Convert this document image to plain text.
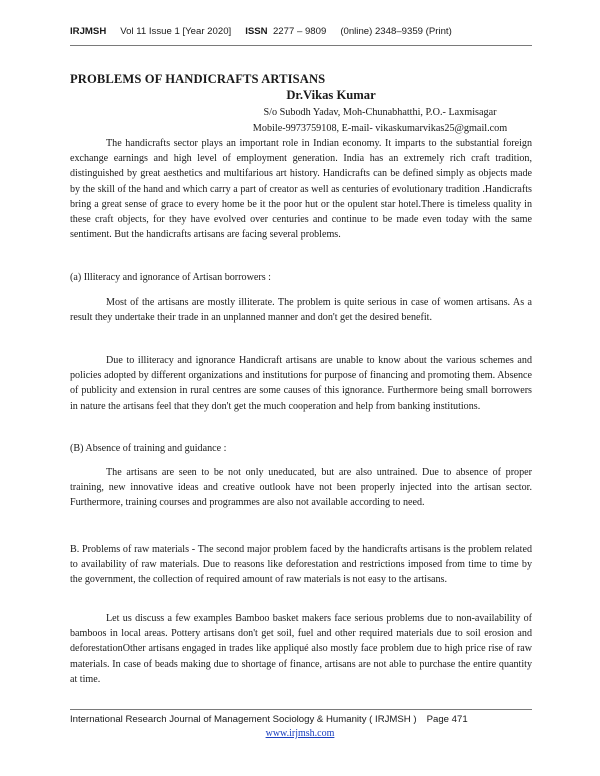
IRJMSH Vol 11 Issue 1 [Year 2020] ISSN 2277 – 9809 (0nline) 2348–9359 (Print)
PROBLEMS OF HANDICRAFTS ARTISANS
Dr.Vikas Kumar
S/o Subodh Yadav, Moh-Chunabhatthi, P.O.- Laxmisagar
Mobile-9973759108, E-mail- vikaskumarvikas25@gmail.com

The handicrafts sector plays an important role in Indian economy. It imparts to the substantial foreign exchange earnings and high level of employment generation. India has an extremely rich craft tradition, distinguished by great aesthetics and multifarious art history. Handicrafts can be defined simply as objects made by the skill of the hand and which carry a part of creator as well as centuries of evolutionary tradition .Handicrafts bring a great sense of grace to every home be it the poor hut or the opulent star hotel.There is timeless quality in these craft objects, for they have evolved over centuries and continue to be made even today with the same sentiment. But the handicrafts artisans are facing several problems.

(a) Illiteracy and ignorance of Artisan borrowers :

Most of the artisans are mostly illiterate. The problem is quite serious in case of women artisans. As a result they undertake their trade in an unplanned manner and don't get the desired benefit.

Due to illiteracy and ignorance Handicraft artisans are unable to know about the various schemes and policies adopted by different organizations and institutions for purpose of financing and promoting them. Absence of publicity and extension in rural centres are some causes of this ignorance. Furthermore being small borrowers in nature the artisans feel that they don't get the much cooperation and help from banking institutions.

(B) Absence of training and guidance :

The artisans are seen to be not only uneducated, but are also untrained. Due to absence of proper training, new innovative ideas and creative outlook have not been properly injected into the artisan sector. Furthermore, training courses and programmes are also not available according to need.

B. Problems of raw materials - The second major problem faced by the handicrafts artisans is the problem related to availability of raw materials. Due to reasons like deforestation and restrictions imposed from time to time by the government, the collection of required amount of raw materials is not easy to the artisans.

Let us discuss a few examples Bamboo basket makers face serious problems due to non-availability of bamboos in local areas. Pottery artisans don't get soil, fuel and other required materials due to soil erosion and deforestationOther artisans engaged in trades like appliqué also mostly face problem due to high price rise of raw materials. In case of beads making due to shortage of finance, artisans are not able to purchase the entire quantity at time.

International Research Journal of Management Sociology & Humanity ( IRJMSH ) Page 471
www.irjmsh.com
